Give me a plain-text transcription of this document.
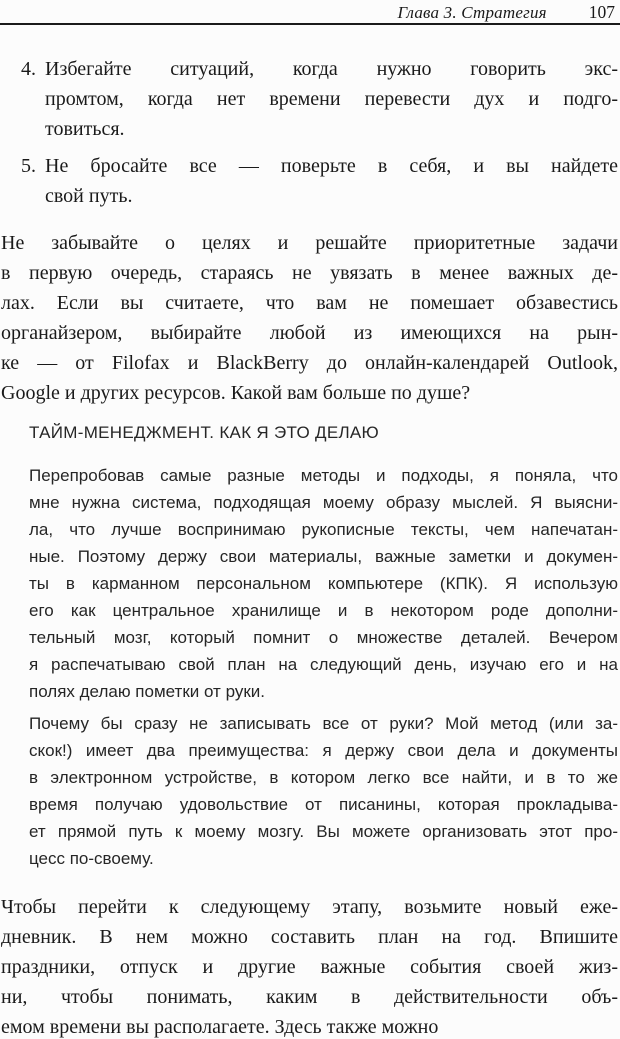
Глава 3. Стратегия 107
4. Избегайте ситуаций, когда нужно говорить экс-
промтом, когда нет времени перевести дух и подго-
товиться.
5. Не бросайте все — поверьте в себя, и вы найдете
свой путь.
Не забывайте о целях и решайте приоритетные задачи
в первую очередь, стараясь не увязать в менее важных де-
лах. Если вы считаете, что вам не помешает обзавестись
органайзером, выбирайте любой из имеющихся на рын-
ке — от Filofax и BlackBerry до онлайн-календарей Outlook,
Google и других ресурсов. Какой вам больше по душе?
ТАЙМ-МЕНЕДЖМЕНТ. КАК Я ЭТО ДЕЛАЮ
Перепробовав самые разные методы и подходы, я поняла, что
мне нужна система, подходящая моему образу мыслей. Я выясни-
ла, что лучше воспринимаю рукописные тексты, чем напечатан-
ные. Поэтому держу свои материалы, важные заметки и докумен-
ты в карманном персональном компьютере (КПК). Я использую
его как центральное хранилище и в некотором роде дополни-
тельный мозг, который помнит о множестве деталей. Вечером
я распечатываю свой план на следующий день, изучаю его и на
полях делаю пометки от руки.
Почему бы сразу не записывать все от руки? Мой метод (или за-
скок!) имеет два преимущества: я держу свои дела и документы
в электронном устройстве, в котором легко все найти, и в то же
время получаю удовольствие от писанины, которая прокладыва-
ет прямой путь к моему мозгу. Вы можете организовать этот про-
цесс по-своему.
Чтобы перейти к следующему этапу, возьмите новый еже-
дневник. В нем можно составить план на год. Впишите
праздники, отпуск и другие важные события своей жиз-
ни, чтобы понимать, каким в действительности объ-
емом времени вы располагаете. Здесь также можно
